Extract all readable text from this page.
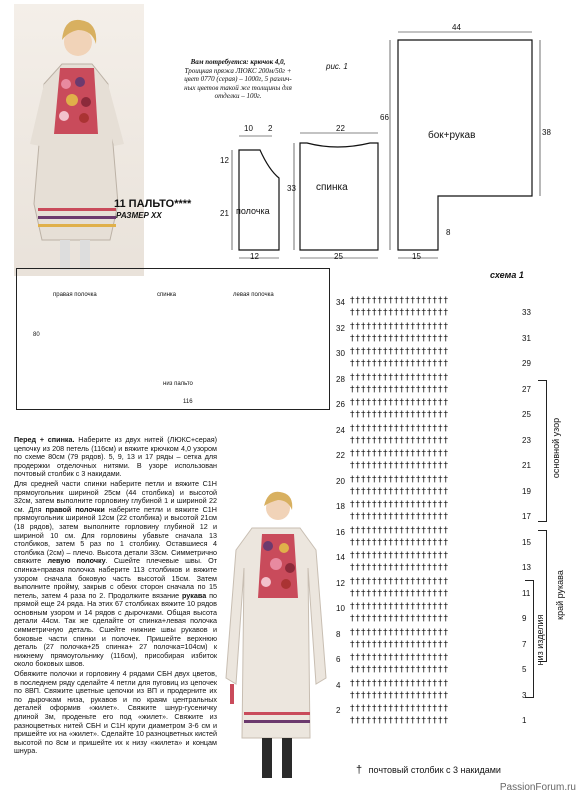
Вам потребуется: крючок 4,0,
Троицкая пряжа ЛЮКС 200м/50г +
цвет 0770 (серая) – 1000г, 5 различ-
ных цветов такой же толщины для
отделки – 100г.
рис. 1
11 ПАЛЬТО****
РАЗМЕР XX
10 2
12
21
12
полочка
22
33
25
спинка
44
66
38
8
15
бок+рукав
правая полочка	спинка	левая полочка
80
низ пальто
116
схема 1
34 ††††††††††††††††††
33
††††††††††††††††††
32 ††††††††††††††††††
31
††††††††††††††††††
30 ††††††††††††††††††
29
††††††††††††††††††
28 ††††††††††††††††††
27
††††††††††††††††††
26 ††††††††††††††††††
25
††††††††††††††††††
24 ††††††††††††††††††
23
††††††††††††††††††
22 ††††††††††††††††††
21
††††††††††††††††††
20 ††††††††††††††††††
19
††††††††††††††††††
18 ††††††††††††††††††
17
††††††††††††††††††
16 ††††††††††††††††††
15
††††††††††††††††††
14 ††††††††††††††††††
13
††††††††††††††††††
12 ††††††††††††††††††
11
††††††††††††††††††
10 ††††††††††††††††††
9
††††††††††††††††††
8 ††††††††††††††††††
7
††††††††††††††††††
6 ††††††††††††††††††
5
††††††††††††††††††
4 ††††††††††††††††††
3
††††††††††††††††††
2 ††††††††††††††††††
1
††††††††††††††††††
основной узор
край рукава
низ изделия
† почтовый столбик с 3 накидами

Перед + спинка. Наберите из двух нитей (ЛЮКС+серая) цепочку из 208 петель (116см) и вяжите крючком 4,0 узором по схеме 80см (79 рядов). 5, 9, 13 и 17 ряды – сетка для продержки отделочных нитями. В узоре использован почтовый столбик с 3 накидами.

Для средней части спинки наберите петли и вяжите С1Н прямоугольник шириной 25см (44 столбика) и высотой 32см, затем выполните горловину глубиной 1 и шириной 22 см. Для правой полочки наберите петли и вяжите С1Н прямоугольник шириной 12см (22 столбика) и высотой 21см (18 рядов), затем выполните горловину глубиной 12 и шириной 10 см. Для горловины убавьте сначала 13 столбиков, затем 5 раз по 1 столбику. Оставшиеся 4 столбика (2см) – плечо. Высота детали 33см. Симметрично свяжите левую полочку. Сшейте плечевые швы. От спинка+правая полочка наберите 113 столбиков и вяжите узором сначала боковую часть высотой 15см. Затем выполните пройму, закрыв с обеих сторон сначала по 15 петель, затем 4 раза по 2. Продолжите вязание рукава по прямой еще 24 ряда. На этих 67 столбиках вяжите 10 рядов основным узором и 14 рядов с дырочками. Общая высота детали 44см. Так же сделайте от спинка+левая полочка симметричную деталь. Сшейте нижние швы рукавов и боковые части спинки и полочек. Пришейте верхнюю деталь (27 полочка+25 спинка+ 27 полочка=104см) к нижнему прямоугольнику (116см), присобирая избиток около боковых швов.

Обвяжите полочки и горловину 4 рядами СБН двух цветов, в последнем ряду сделайте 4 петли для пуговиц из цепочек по 8ВП. Свяжите цветные цепочки из ВП и продерните их по дырочкам низа, рукавов и по краям центральных деталей оформив «жилет». Свяжите шнур-гусеничку длиной 3м, проденьте его под «жилет». Свяжите из разноцветных нитей СБН и С1Н круги диаметром 3-6 см и пришейте их на «жилет». Сделайте 10 разноцветных кистей высотой по 8см и пришейте их к низу «жилета» и концам шнура.

PassionForum.ru
